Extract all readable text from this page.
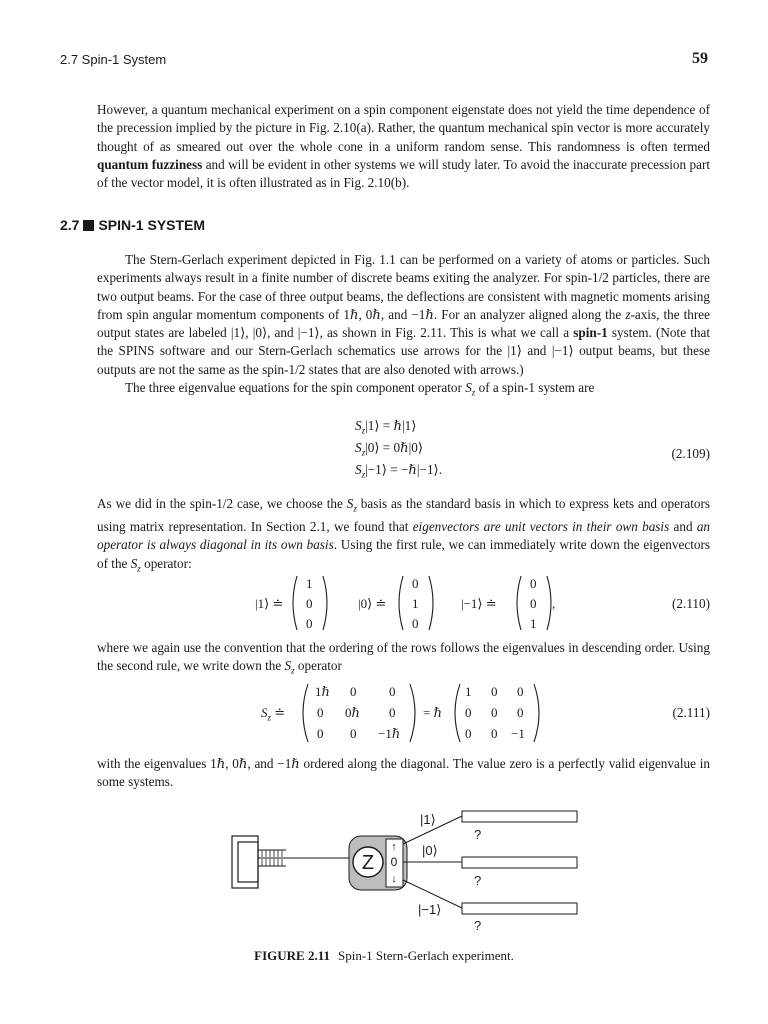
2.7 Spin-1 System	59

However, a quantum mechanical experiment on a spin component eigenstate does not yield the time dependence of the precession implied by the picture in Fig. 2.10(a). Rather, the quantum mechanical spin vector is more accurately thought of as smeared out over the whole cone in a uniform random sense. This randomness is often termed quantum fuzziness and will be evident in other systems we will study later. To avoid the inaccurate precession part of the vector model, it is often illustrated as in Fig. 2.10(b).

2.7 SPIN-1 SYSTEM

The Stern-Gerlach experiment depicted in Fig. 1.1 can be performed on a variety of atoms or particles. Such experiments always result in a finite number of discrete beams exiting the analyzer. For spin-1/2 particles, there are two output beams. For the case of three output beams, the deflections are consistent with magnetic moments arising from spin angular momentum components of 1ℏ, 0ℏ, and −1ℏ. For an analyzer aligned along the z-axis, the three output states are labeled |1⟩, |0⟩, and |−1⟩, as shown in Fig. 2.11. This is what we call a spin-1 system. (Note that the SPINS software and our Stern-Gerlach schematics use arrows for the |1⟩ and |−1⟩ output beams, but these outputs are not the same as the spin-1/2 states that are also denoted with arrows.)

The three eigenvalue equations for the spin component operator $S_z$ of a spin-1 system are

$S_z|1⟩$ = ℏ|1⟩
$S_z|0⟩$ = 0ℏ|0⟩
$S_z|-1⟩$ = −ℏ|−1⟩.
(2.109)

As we did in the spin-1/2 case, we choose the $S_z$ basis as the standard basis in which to express kets and operators using matrix representation. In Section 2.1, we found that eigenvectors are unit vectors in their own basis and an operator is always diagonal in its own basis. Using the first rule, we can immediately write down the eigenvectors of the $S_z$ operator:

|1⟩ ≐
1
0
0
|0⟩ ≐
0
1
0
|−1⟩ ≐
0
0
1
,	(2.110)

where we again use the convention that the ordering of the rows follows the eigenvalues in descending order. Using the second rule, we write down the $S_z$ operator

$S_z$ ≐
1ℏ 0	0
0 0ℏ 0
0 0 −1ℏ
= ℏ
1 0 0
0 0 0
0 0 −1
(2.111)

with the eigenvalues 1ℏ, 0ℏ, and −1ℏ ordered along the diagonal. The value zero is a perfectly valid eigenvalue in some systems.

Z
↑
0
↓
|1⟩
|0⟩
|−1⟩
?
?
?
FIGURE 2.11 Spin-1 Stern-Gerlach experiment.
